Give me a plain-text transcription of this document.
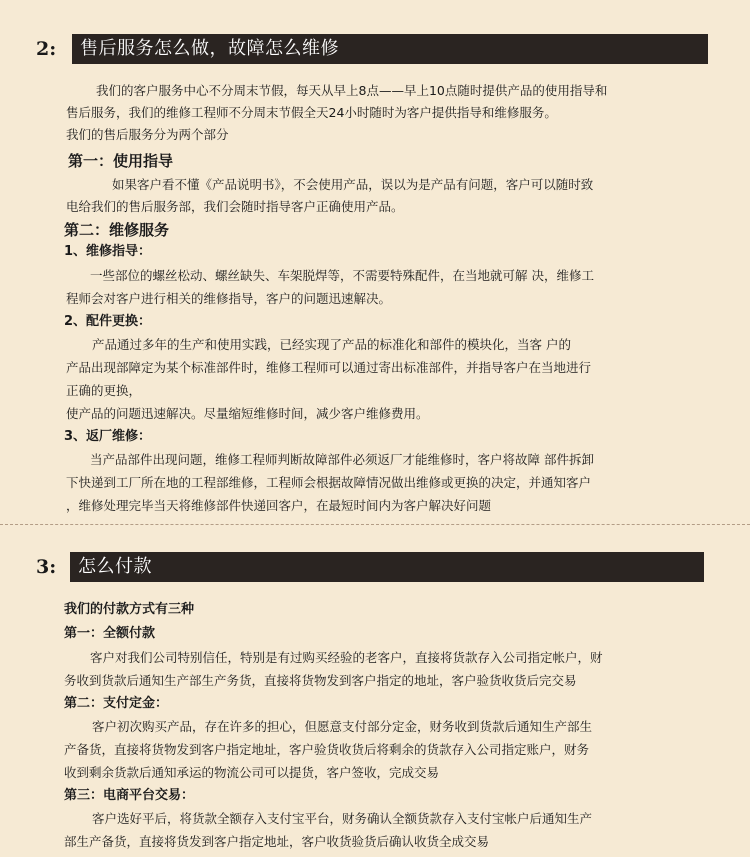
2: 售后服务怎么做，故障怎么维修
我们的客户服务中心不分周末节假，每天从早上8点——早上10点随时提供产品的使用指导和
售后服务，我们的维修工程师不分周末节假全天24小时随时为客户提供指导和维修服务。
我们的售后服务分为两个部分
第一：使用指导
如果客户看不懂《产品说明书》，不会使用产品，误以为是产品有问题，客户可以随时致
电给我们的售后服务部，我们会随时指导客户正确使用产品。
第二：维修服务
1、维修指导：
一些部位的螺丝松动、螺丝缺失、车架脱焊等，不需要特殊配件，在当地就可解 决，维修工
程师会对客户进行相关的维修指导，客户的问题迅速解决。
2、配件更换：
产品通过多年的生产和使用实践，已经实现了产品的标准化和部件的模块化，当客 户的
产品出现部障定为某个标准部件时，维修工程师可以通过寄出标准部件，并指导客户在当地进行
正确的更换，
使产品的问题迅速解决。尽量缩短维修时间，减少客户维修费用。
3、返厂维修：
当产品部件出现问题，维修工程师判断故障部件必须返厂才能维修时，客户将故障 部件拆卸
下快递到工厂所在地的工程部维修，工程师会根据故障情况做出维修或更换的决定，并通知客户
，维修处理完毕当天将维修部件快递回客户，在最短时间内为客户解决好问题
3: 怎么付款
我们的付款方式有三种
第一：全额付款
客户对我们公司特别信任，特别是有过购买经验的老客户，直接将货款存入公司指定帐户，财
务收到货款后通知生产部生产务货，直接将货物发到客户指定的地址，客户验货收货后完交易
第二：支付定金：
客户初次购买产品，存在许多的担心，但愿意支付部分定金，财务收到货款后通知生产部生
产备货，直接将货物发到客户指定地址，客户验货收货后将剩余的货款存入公司指定账户，财务
收到剩余货款后通知承运的物流公司可以提货，客户签收，完成交易
第三：电商平台交易：
客户选好平后，将货款全额存入支付宝平台，财务确认全额货款存入支付宝帐户后通知生产
部生产备货，直接将货发到客户指定地址，客户收货验货后确认收货全成交易
